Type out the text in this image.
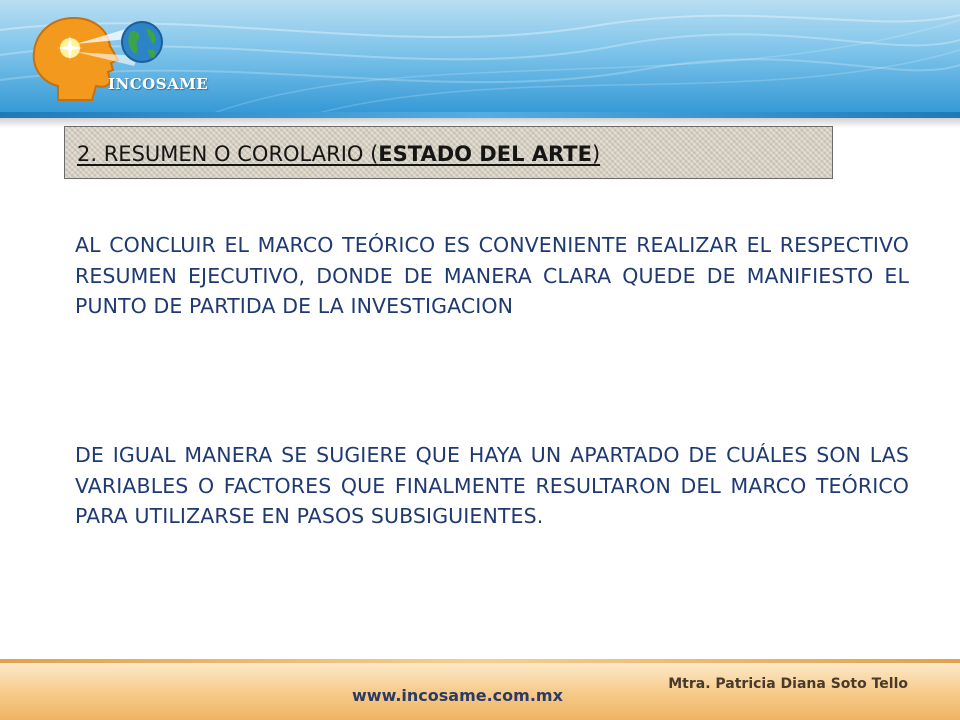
INCOSAME
2. RESUMEN O COROLARIO (ESTADO DEL ARTE)
AL CONCLUIR EL MARCO TEÓRICO ES CONVENIENTE REALIZAR EL RESPECTIVO RESUMEN EJECUTIVO, DONDE DE MANERA CLARA QUEDE DE MANIFIESTO EL PUNTO DE PARTIDA DE LA INVESTIGACION
DE IGUAL MANERA SE SUGIERE QUE HAYA UN APARTADO DE CUÁLES SON LAS VARIABLES O FACTORES QUE FINALMENTE RESULTARON DEL MARCO TEÓRICO PARA UTILIZARSE EN PASOS SUBSIGUIENTES.
Mtra. Patricia Diana Soto Tello
www.incosame.com.mx
